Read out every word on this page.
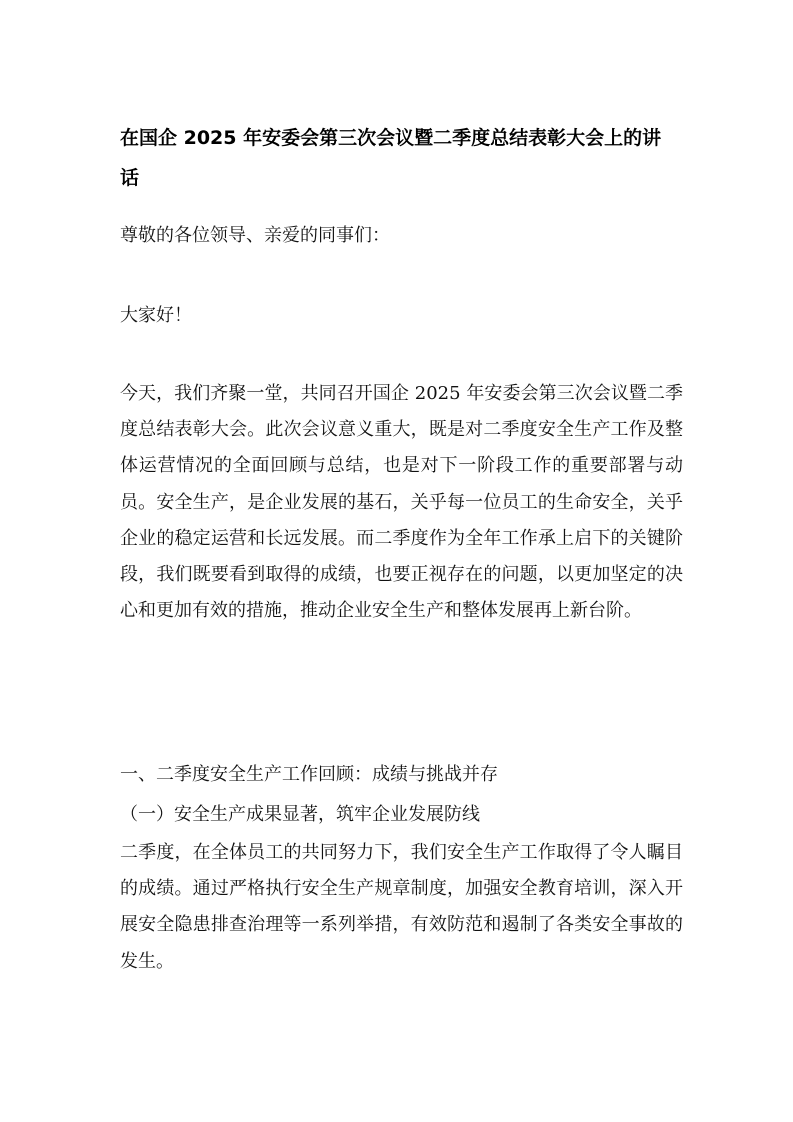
在国企 2025 年安委会第三次会议暨二季度总结表彰大会上的讲话

尊敬的各位领导、亲爱的同事们：

大家好！

今天，我们齐聚一堂，共同召开国企 2025 年安委会第三次会议暨二季度总结表彰大会。此次会议意义重大，既是对二季度安全生产工作及整体运营情况的全面回顾与总结，也是对下一阶段工作的重要部署与动员。安全生产，是企业发展的基石，关乎每一位员工的生命安全，关乎企业的稳定运营和长远发展。而二季度作为全年工作承上启下的关键阶段，我们既要看到取得的成绩，也要正视存在的问题，以更加坚定的决心和更加有效的措施，推动企业安全生产和整体发展再上新台阶。

一、二季度安全生产工作回顾：成绩与挑战并存

（一）安全生产成果显著，筑牢企业发展防线

二季度，在全体员工的共同努力下，我们安全生产工作取得了令人瞩目的成绩。通过严格执行安全生产规章制度，加强安全教育培训，深入开展安全隐患排查治理等一系列举措，有效防范和遏制了各类安全事故的发生。
